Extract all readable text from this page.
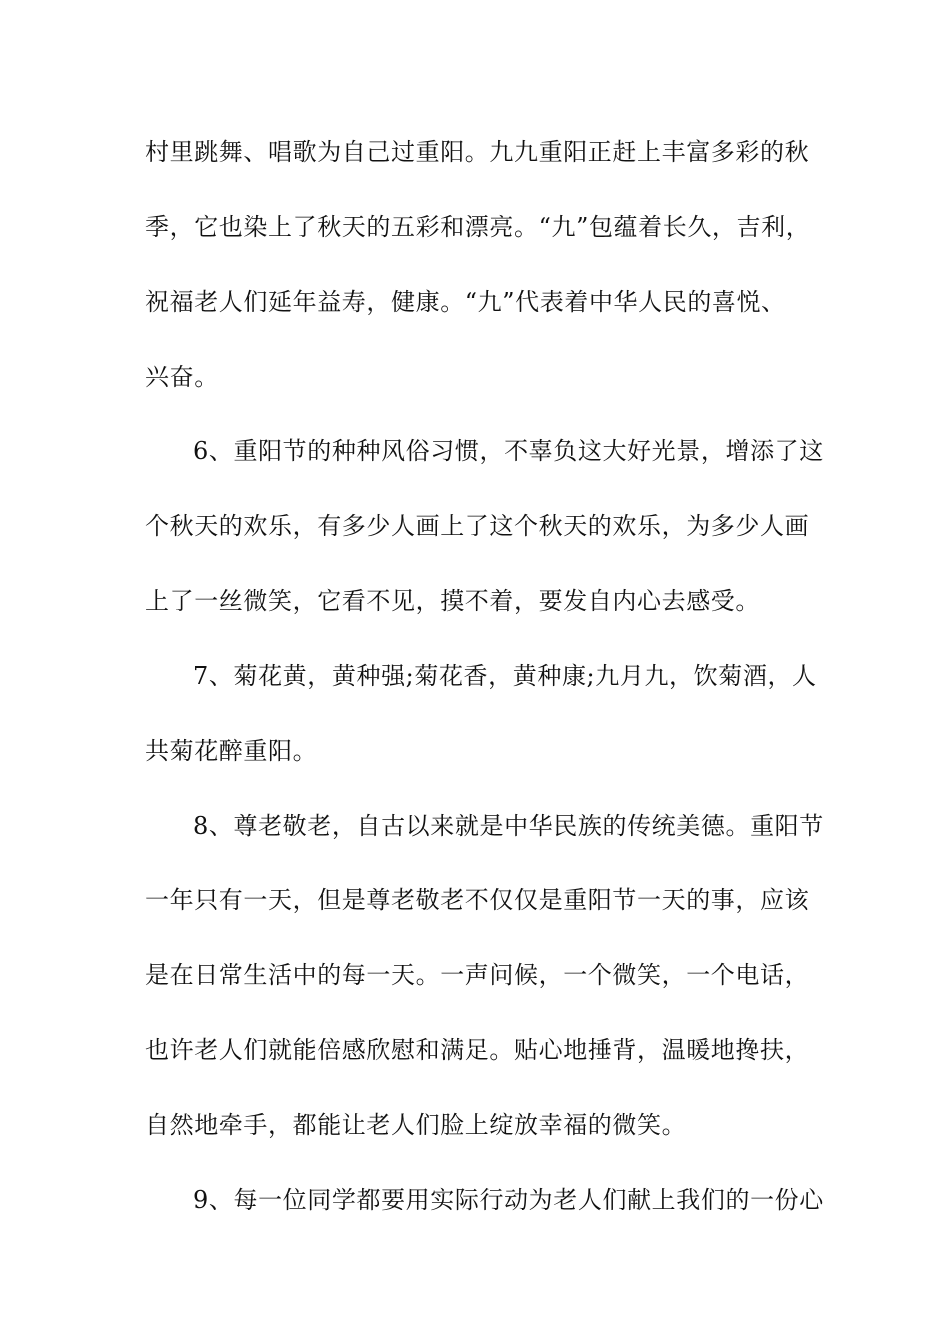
村里跳舞、唱歌为自己过重阳。九九重阳正赶上丰富多彩的秋
季，它也染上了秋天的五彩和漂亮。“九”包蕴着长久，吉利，
祝福老人们延年益寿，健康。“九”代表着中华人民的喜悦、
兴奋。
6、重阳节的种种风俗习惯，不辜负这大好光景，增添了这
个秋天的欢乐，有多少人画上了这个秋天的欢乐，为多少人画
上了一丝微笑，它看不见，摸不着，要发自内心去感受。
7、菊花黄，黄种强;菊花香，黄种康;九月九，饮菊酒，人
共菊花醉重阳。
8、尊老敬老，自古以来就是中华民族的传统美德。重阳节
一年只有一天，但是尊老敬老不仅仅是重阳节一天的事，应该
是在日常生活中的每一天。一声问候，一个微笑，一个电话，
也许老人们就能倍感欣慰和满足。贴心地捶背，温暖地搀扶，
自然地牵手，都能让老人们脸上绽放幸福的微笑。
9、每一位同学都要用实际行动为老人们献上我们的一份心
